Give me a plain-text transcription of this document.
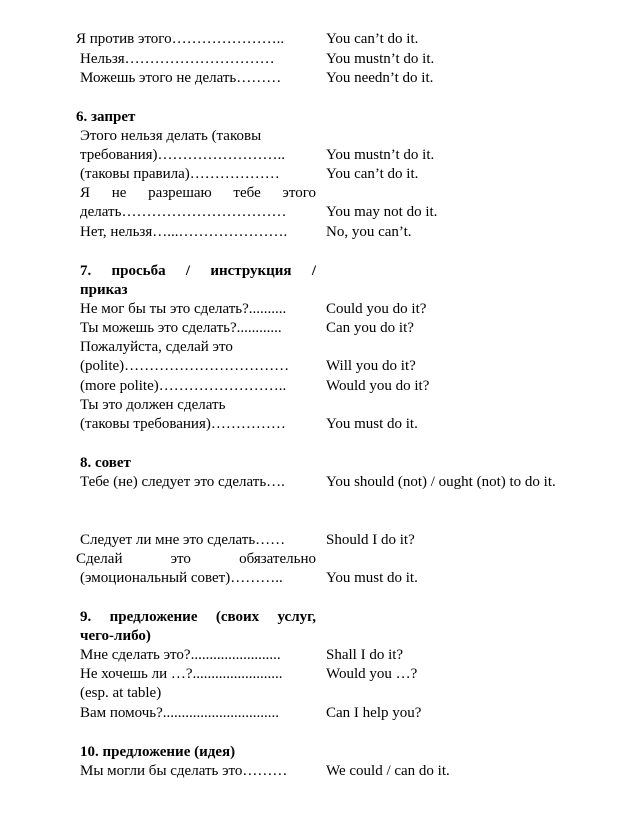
Я против этого…………………..	You can’t do it.
Нельзя…………………………	You mustn’t do it.
Можешь этого не делать………	You needn’t do it.
6. запрет
Этого нельзя делать (таковы
требования)……………………..	You mustn’t do it.
(таковы правила)………………	You can’t do it.
Я не разрешаю тебе этого
делать……………………………	You may not do it.
Нет, нельзя…...………………….	No, you can’t.
7. просьба / инструкция /
приказ
Не мог бы ты это сделать?..........	Could you do it?
Ты можешь это сделать?............	Can you do it?
Пожалуйста, сделай это
(polite)……………………………	Will you do it?
(more polite)……………………..	Would you do it?
Ты это должен сделать
(таковы требования)……………	You must do it.
8. совет
Тебе (не) следует это сделать….	You should (not) / ought (not) to do it.
Следует ли мне это сделать……	Should I do it?
Сделай это обязательно
(эмоциональный совет)………..	You must do it.
9. предложение (своих услуг,
чего-либо)
Мне сделать это?........................	Shall I do it?
Не хочешь ли …?........................	Would you …?
(esp. at table)
Вам помочь?...............................	Can I help you?
10. предложение (идея)
Мы могли бы сделать это………	We could / can do it.
